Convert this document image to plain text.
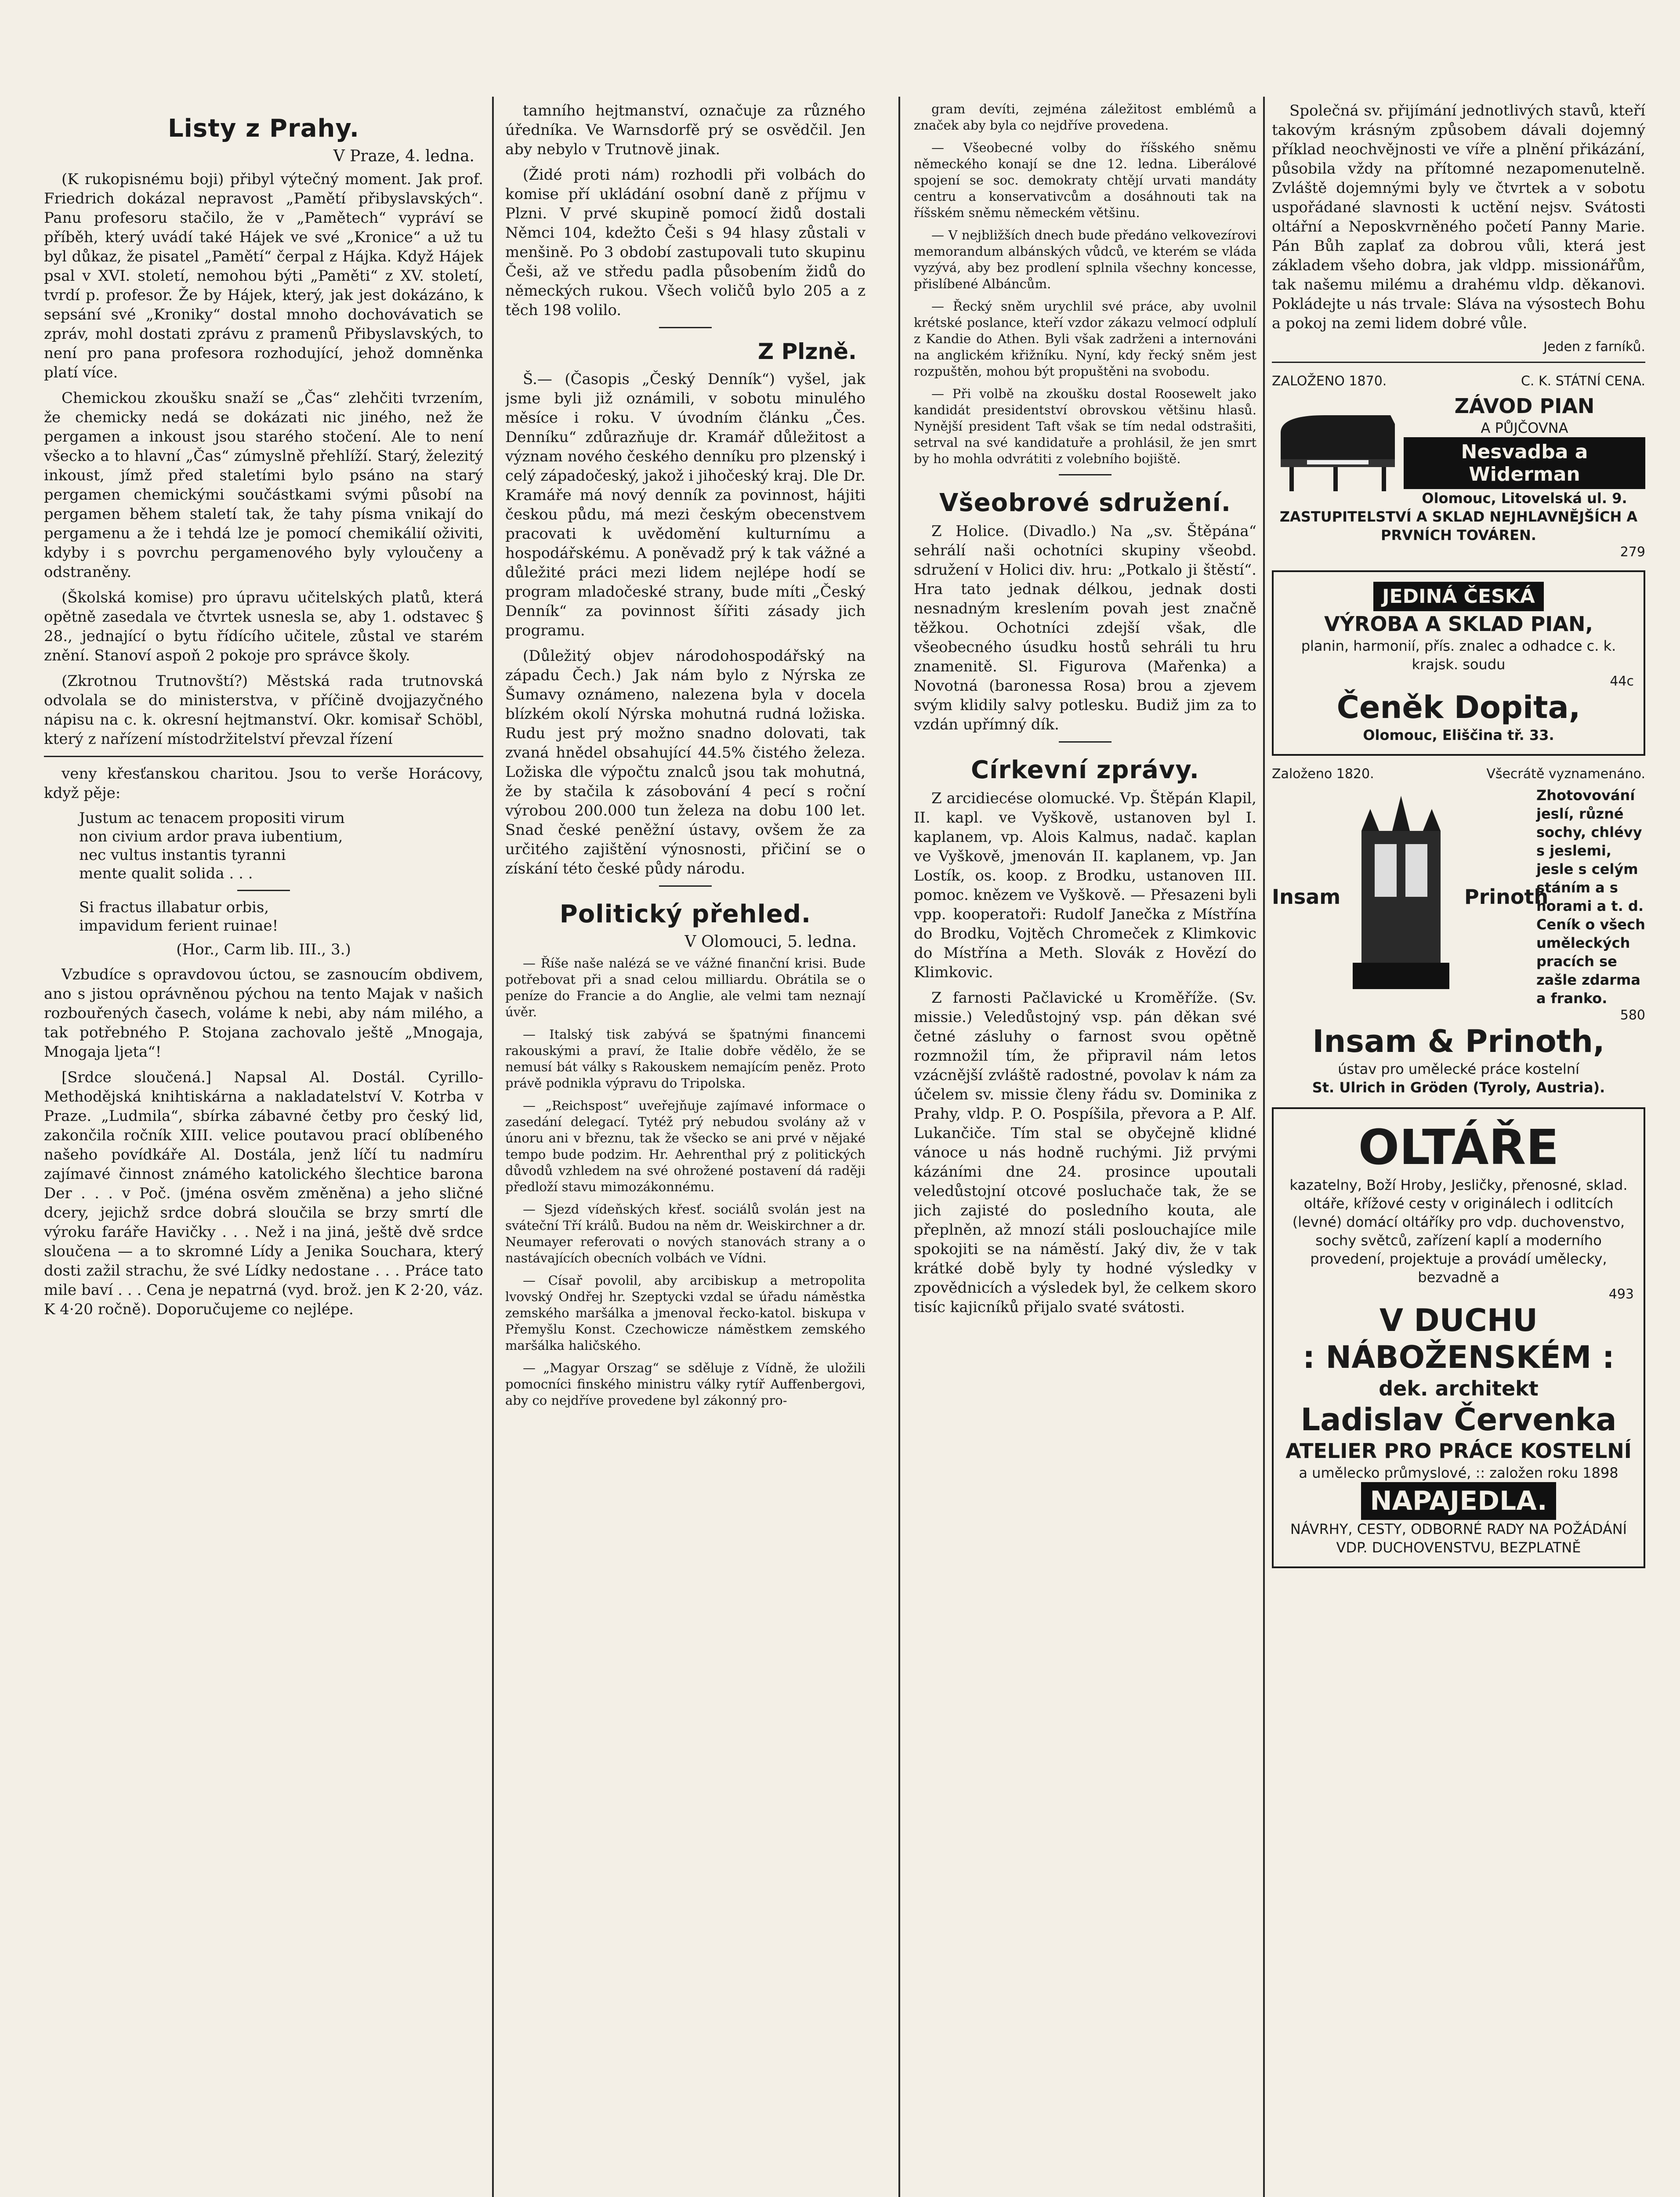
Listy z Prahy.
V Praze, 4. ledna.

(K rukopisnému boji) přibyl výtečný moment. Jak prof. Friedrich dokázal nepravost „Pamětí přibyslavských“. Panu profesoru stačilo, že v „Pamětech“ vypráví se příběh, který uvádí také Hájek ve své „Kronice“ a už tu byl důkaz, že pisatel „Pamětí“ čerpal z Hájka. Když Hájek psal v XVI. století, nemohou býti „Paměti“ z XV. století, tvrdí p. profesor. Že by Hájek, který, jak jest dokázáno, k sepsání své „Kroniky“ dostal mnoho dochovávatich se zpráv, mohl dostati zprávu z pramenů Přibyslavských, to není pro pana profesora rozhodující, jehož domněnka platí více.

Chemickou zkoušku snaží se „Čas“ zlehčiti tvrzením, že chemicky nedá se dokázati nic jiného, než že pergamen a inkoust jsou starého stočení. Ale to není všecko a to hlavní „Čas“ zúmyslně přehlíží. Starý, železitý inkoust, jímž před staletími bylo psáno na starý pergamen chemickými součástkami svými působí na pergamen během staletí tak, že tahy písma vnikají do pergamenu a že i tehdá lze je pomocí chemikálií oživiti, kdyby i s povrchu pergamenového byly vyloučeny a odstraněny.

(Školská komise) pro úpravu učitelských platů, která opětně zasedala ve čtvrtek usnesla se, aby 1. odstavec § 28., jednající o bytu řídícího učitele, zůstal ve starém znění. Stanoví aspoň 2 pokoje pro správce školy.

(Zkrotnou Trutnovští?) Městská rada trutnovská odvolala se do ministerstva, v příčině dvojjazyčného nápisu na c. k. okresní hejtmanství. Okr. komisař Schöbl, který z nařízení místodržitelství převzal řízení

veny křesťanskou charitou. Jsou to verše Horácovy, když pěje:

Justum ac tenacem propositi virum
non civium ardor prava iubentium,
nec vultus instantis tyranni
mente qualit solida . . .
Si fractus illabatur orbis,
impavidum ferient ruinae!
(Hor., Carm lib. III., 3.)

Vzbudíce s opravdovou úctou, se zasnoucím obdivem, ano s jistou oprávněnou pýchou na tento Majak v našich rozbouřených časech, voláme k nebi, aby nám milého, a tak potřebného P. Stojana zachovalo ještě „Mnogaja, Mnogaja ljeta“!

[Srdce sloučená.] Napsal Al. Dostál. Cyrillo-Methodějská knihtiskárna a nakladatelství V. Kotrba v Praze. „Ludmila“, sbírka zábavné četby pro český lid, zakončila ročník XIII. velice poutavou prací oblíbeného našeho povídkáře Al. Dostála, jenž líčí tu nadmíru zajímavé činnost známého katolického šlechtice barona Der . . . v Poč. (jména osvěm změněna) a jeho sličné dcery, jejichž srdce dobrá sloučila se brzy smrtí dle výroku faráře Havičky . . . Než i na jiná, ještě dvě srdce sloučena — a to skromné Lídy a Jenika Souchara, který dosti zažil strachu, že své Lídky nedostane . . . Práce tato mile baví . . . Cena je nepatrná (vyd. brož. jen K 2·20, váz. K 4·20 ročně). Doporučujeme co nejlépe.

tamního hejtmanství, označuje za různého úředníka. Ve Warnsdorfě prý se osvědčil. Jen aby nebylo v Trutnově jinak.

(Židé proti nám) rozhodli při volbách do komise pří ukládání osobní daně z příjmu v Plzni. V prvé skupině pomocí židů dostali Němci 104, kdežto Češi s 94 hlasy zůstali v menšině. Po 3 období zastupovali tuto skupinu Češi, až ve středu padla působením židů do německých rukou. Všech voličů bylo 205 a z těch 198 volilo.

Z Plzně.

Š.— (Časopis „Český Denník“) vyšel, jak jsme byli již oznámili, v sobotu minulého měsíce i roku. V úvodním článku „Čes. Denníku“ zdůrazňuje dr. Kramář důležitost a význam nového českého denníku pro plzenský i celý západočeský, jakož i jihočeský kraj. Dle Dr. Kramáře má nový denník za povinnost, hájiti českou půdu, má mezi českým obecenstvem pracovati k uvědomění kulturnímu a hospodářskému. A poněvadž prý k tak vážné a důležité práci mezi lidem nejlépe hodí se program mladočeské strany, bude míti „Český Denník“ za povinnost šířiti zásady jich programu.

(Důležitý objev národohospodářský na západu Čech.) Jak nám bylo z Nýrska ze Šumavy oznámeno, nalezena byla v docela blízkém okolí Nýrska mohutná rudná ložiska. Rudu jest prý možno snadno dolovati, tak zvaná hnědel obsahující 44.5% čistého železa. Ložiska dle výpočtu znalců jsou tak mohutná, že by stačila k zásobování 4 pecí s roční výrobou 200.000 tun železa na dobu 100 let. Snad české peněžní ústavy, ovšem že za určitého zajištění výnosnosti, přičiní se o získání této české půdy národu.

Politický přehled.
V Olomouci, 5. ledna.

— Říše naše nalézá se ve vážné finanční krisi. Bude potřebovat při a snad celou milliardu. Obrátila se o peníze do Francie a do Anglie, ale velmi tam neznají úvěr.

— Italský tisk zabývá se špatnými financemi rakouskými a praví, že Italie dobře vědělo, že se nemusí bát války s Rakouskem nemajícím peněz. Proto právě podnikla výpravu do Tripolska.

— „Reichspost“ uveřejňuje zajímavé informace o zasedání delegací. Tytéž prý nebudou svolány až v únoru ani v březnu, tak že všecko se ani prvé v nějaké tempo bude podzim. Hr. Aehrenthal prý z politických důvodů vzhledem na své ohrožené postavení dá raději předloží stavu mimozákonnému.

— Sjezd vídeňských křesť. sociálů svolán jest na sváteční Tří králů. Budou na něm dr. Weiskirchner a dr. Neumayer referovati o nových stanovách strany a o nastávajících obecních volbách ve Vídni.

— Císař povolil, aby arcibiskup a metropolita lvovský Ondřej hr. Szeptycki vzdal se úřadu náměstka zemského maršálka a jmenoval řecko-katol. biskupa v Přemyšlu Konst. Czechowicze náměstkem zemského maršálka haličského.

— „Magyar Orszag“ se sděluje z Vídně, že uložili pomocníci finského ministru války rytíř Auffenbergovi, aby co nejdříve provedene byl zákonný pro-

gram devíti, zejména záležitost emblémů a značek aby byla co nejdříve provedena.

— Všeobecné volby do říšského sněmu německého konají se dne 12. ledna. Liberálové spojení se soc. demokraty chtějí urvati mandáty centru a konservativcům a dosáhnouti tak na říšském sněmu německém většinu.

— V nejbližších dnech bude předáno velkovezírovi memorandum albánských vůdců, ve kterém se vláda vyzývá, aby bez prodlení splnila všechny koncesse, přislíbené Albáncům.

— Řecký sněm urychlil své práce, aby uvolnil krétské poslance, kteří vzdor zákazu velmocí odplulí z Kandie do Athen. Byli však zadrženi a internováni na anglickém křižníku. Nyní, kdy řecký sněm jest rozpuštěn, mohou být propuštěni na svobodu.

— Při volbě na zkoušku dostal Roosewelt jako kandidát presidentství obrovskou většinu hlasů. Nynější president Taft však se tím nedal odstrašiti, setrval na své kandidatuře a prohlásil, že jen smrt by ho mohla odvrátiti z volebního bojiště.

Všeobrové sdružení.

Z Holice. (Divadlo.) Na „sv. Štěpána“ sehrálí naši ochotníci skupiny všeobd. sdružení v Holici div. hru: „Potkalo ji štěstí“. Hra tato jednak délkou, jednak dosti nesnadným kreslením povah jest značně těžkou. Ochotníci zdejší však, dle všeobecného úsudku hostů sehráli tu hru znamenitě. Sl. Figurova (Mařenka) a Novotná (baronessa Rosa) brou a zjevem svým klidily salvy potlesku. Budiž jim za to vzdán upřímný dík.

Církevní zprávy.

Z arcidiecése olomucké. Vp. Štěpán Klapil, II. kapl. ve Vyškově, ustanoven byl I. kaplanem, vp. Alois Kalmus, nadač. kaplan ve Vyškově, jmenován II. kaplanem, vp. Jan Lostík, os. koop. z Brodku, ustanoven III. pomoc. knězem ve Vyškově. — Přesazeni byli vpp. kooperatoři: Rudolf Janečka z Místřína do Brodku, Vojtěch Chromeček z Klimkovic do Místřína a Meth. Slovák z Hovězí do Klimkovic.

Z farnosti Pačlavické u Kroměříže. (Sv. missie.) Veledůstojný vsp. pán děkan své četné zásluhy o farnost svou opětně rozmnožil tím, že připravil nám letos vzácnější zvláště radostné, povolav k nám za účelem sv. missie členy řádu sv. Dominika z Prahy, vldp. P. O. Pospíšila, převora a P. Alf. Lukančiče. Tím stal se obyčejně klidné vánoce u nás hodně ruchými. Již prvými kázáními dne 24. prosince upoutali veledůstojní otcové posluchače tak, že se jich zajisté do posledního kouta, ale přeplněn, až mnozí stáli poslouchajíce mile spokojiti se na náměstí. Jaký div, že v tak krátké době byly ty hodné výsledky v zpovědnicích a výsledek byl, že celkem skoro tisíc kajicníků přijalo svaté svátosti.

Společná sv. přijímání jednotlivých stavů, kteří takovým krásným způsobem dávali dojemný příklad neochvějnosti ve víře a plnění přikázání, působila vždy na přítomné nezapomenutelně. Zvláště dojemnými byly ve čtvrtek a v sobotu uspořádané slavnosti k uctění nejsv. Svátosti oltářní a Neposkvrněného početí Panny Marie. Pán Bůh zaplať za dobrou vůli, která jest základem všeho dobra, jak vldpp. missionářům, tak našemu milému a drahému vldp. děkanovi. Pokládejte u nás trvale: Sláva na výsostech Bohu a pokoj na zemi lidem dobré vůle.

Jeden z farníků.
ZALOŽENO 1870.	C. K. STÁTNÍ CENA.
ZÁVOD PIAN
A PŮJČOVNA
Nesvadba a Widerman
Olomouc, Litovelská ul. 9.
ZASTUPITELSTVÍ A SKLAD NEJHLAVNĚJŠÍCH A PRVNÍCH TOVÁREN.
279
JEDINÁ ČESKÁ
VÝROBA A SKLAD PIAN,
planin, harmonií, přís. znalec a odhadce c. k. krajsk. soudu
44c
Čeněk Dopita,
Olomouc, Eliščina tř. 33.
Založeno 1820.	Všecrátě vyznamenáno.
Insam	Prinoth
Zhotovování jeslí, různé sochy, chlévy s jeslemi, jesle s celým stáním a s horami a t. d. Ceník o všech uměleckých pracích se zašle zdarma a franko.
580
Insam & Prinoth,
ústav pro umělecké práce kostelní
St. Ulrich in Gröden (Tyroly, Austria).
OLTÁŘE
kazatelny, Boží Hroby, Jesličky, přenosné, sklad. oltáře, křížové cesty v originálech i odlitcích (levné) domácí oltáříky pro vdp. duchovenstvo, sochy světců, zařízení kaplí a moderního provedení, projektuje a provádí umělecky, bezvadně a
493
V DUCHU
: NÁBOŽENSKÉM :
dek. architekt
Ladislav Červenka
ATELIER PRO PRÁCE KOSTELNÍ
a umělecko průmyslové, :: založen roku 1898
NAPAJEDLA.
NÁVRHY, CESTY, ODBORNÉ RADY NA POŽÁDÁNÍ VDP. DUCHOVENSTVU, BEZPLATNĚ
